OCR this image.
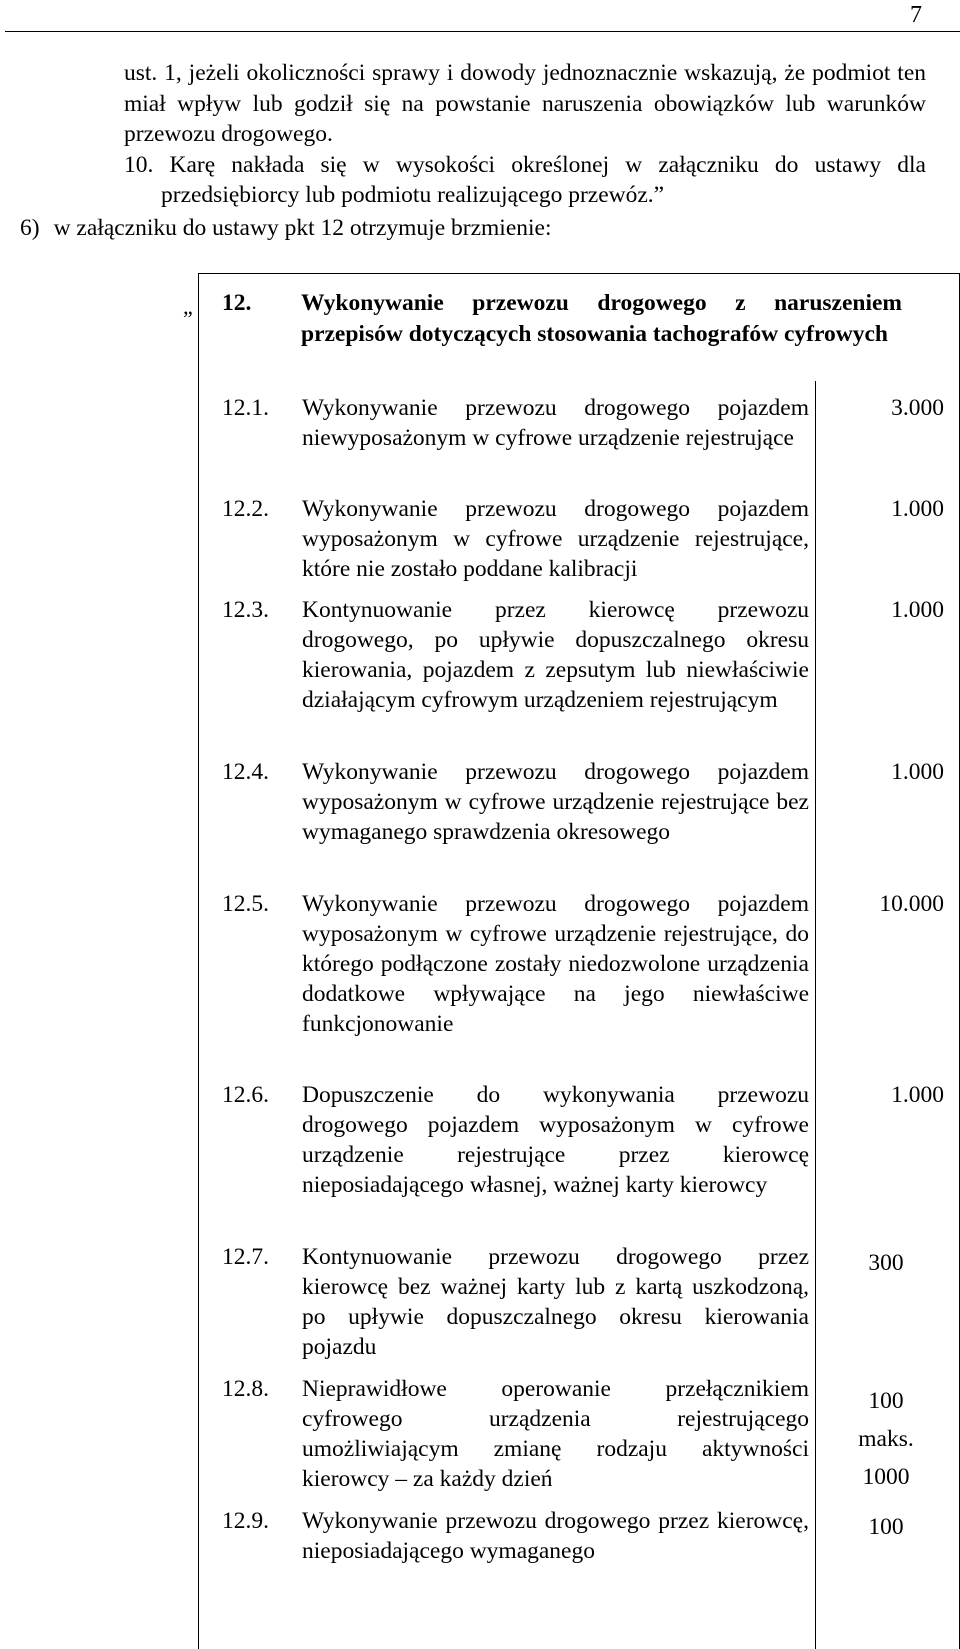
7

ust. 1, jeżeli okoliczności sprawy i dowody jednoznacznie wskazują, że podmiot ten miał wpływ lub godził się na powstanie naruszenia obowiązków lub warunków przewozu drogowego.

10. Karę nakłada się w wysokości określonej w załączniku do ustawy dla przedsiębiorcy lub podmiotu realizującego przewóz.”

6) w załączniku do ustawy pkt 12 otrzymuje brzmienie:
„ 12. Wykonywanie przewozu drogowego z naruszeniem przepisów dotyczących stosowania tachografów cyfrowych
12.1. Wykonywanie przewozu drogowego pojazdem niewyposażonym w cyfrowe urządzenie rejestrujące
3.000
12.2. Wykonywanie przewozu drogowego pojazdem wyposażonym w cyfrowe urządzenie rejestrujące, które nie zostało poddane kalibracji
1.000
12.3. Kontynuowanie przez kierowcę przewozu drogowego, po upływie dopuszczalnego okresu kierowania, pojazdem z zepsutym lub niewłaściwie działającym cyfrowym urządzeniem rejestrującym
1.000
12.4. Wykonywanie przewozu drogowego pojazdem wyposażonym w cyfrowe urządzenie rejestrujące bez wymaganego sprawdzenia okresowego
1.000
12.5. Wykonywanie przewozu drogowego pojazdem wyposażonym w cyfrowe urządzenie rejestrujące, do którego podłączone zostały niedozwolone urządzenia dodatkowe wpływające na jego niewłaściwe funkcjonowanie
10.000
12.6. Dopuszczenie do wykonywania przewozu drogowego pojazdem wyposażonym w cyfrowe urządzenie rejestrujące przez kierowcę nieposiadającego własnej, ważnej karty kierowcy
1.000
12.7. Kontynuowanie przewozu drogowego przez kierowcę bez ważnej karty lub z kartą uszkodzoną, po upływie dopuszczalnego okresu kierowania pojazdu
300
12.8. Nieprawidłowe operowanie przełącznikiem cyfrowego urządzenia rejestrującego umożliwiającym zmianę rodzaju aktywności kierowcy – za każdy dzień
100
maks.
1000
12.9. Wykonywanie przewozu drogowego przez kierowcę, nieposiadającego wymaganego
100
